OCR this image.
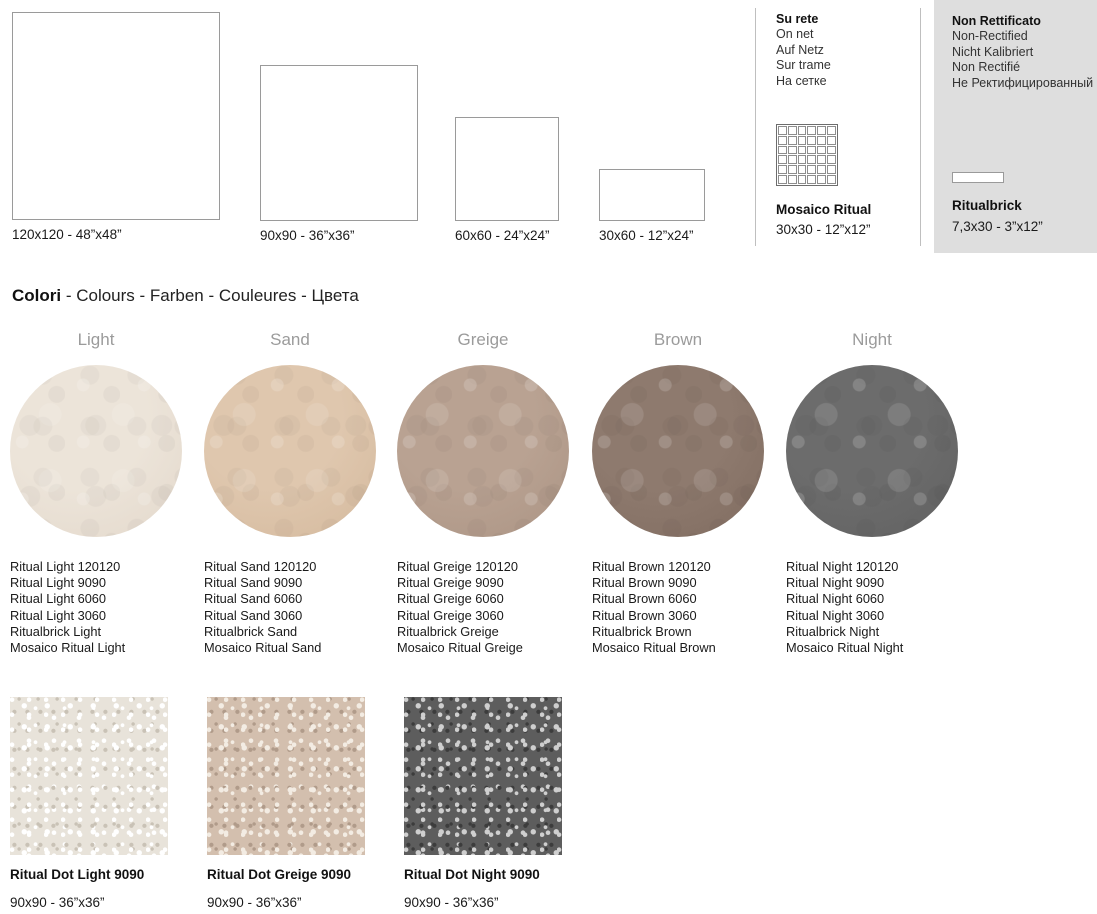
120x120 - 48”x48”	90x90 - 36”x36”	60x60 - 24”x24”	30x60 - 12”x24”
Su rete
On net
Auf Netz
Sur trame
На сетке
Mosaico Ritual
30x30 - 12”x12”
Non Rettificato
Non-Rectified
Nicht Kalibriert
Non Rectifié
Не Ректифицированный
Ritualbrick
7,3x30 - 3”x12”
Colori - Colours - Farben - Couleures - Цвета
Light
Ritual Light 120120
Ritual Light 9090
Ritual Light 6060
Ritual Light 3060
Ritualbrick Light
Mosaico Ritual Light
Sand
Ritual Sand 120120
Ritual Sand 9090
Ritual Sand 6060
Ritual Sand 3060
Ritualbrick Sand
Mosaico Ritual Sand
Greige
Ritual Greige 120120
Ritual Greige 9090
Ritual Greige 6060
Ritual Greige 3060
Ritualbrick Greige
Mosaico Ritual Greige
Brown
Ritual Brown 120120
Ritual Brown 9090
Ritual Brown 6060
Ritual Brown 3060
Ritualbrick Brown
Mosaico Ritual Brown
Night
Ritual Night 120120
Ritual Night 9090
Ritual Night 6060
Ritual Night 3060
Ritualbrick Night
Mosaico Ritual Night
Ritual Dot Light 9090
90x90 - 36”x36”
Ritual Dot Greige 9090
90x90 - 36”x36”
Ritual Dot Night 9090
90x90 - 36”x36”
